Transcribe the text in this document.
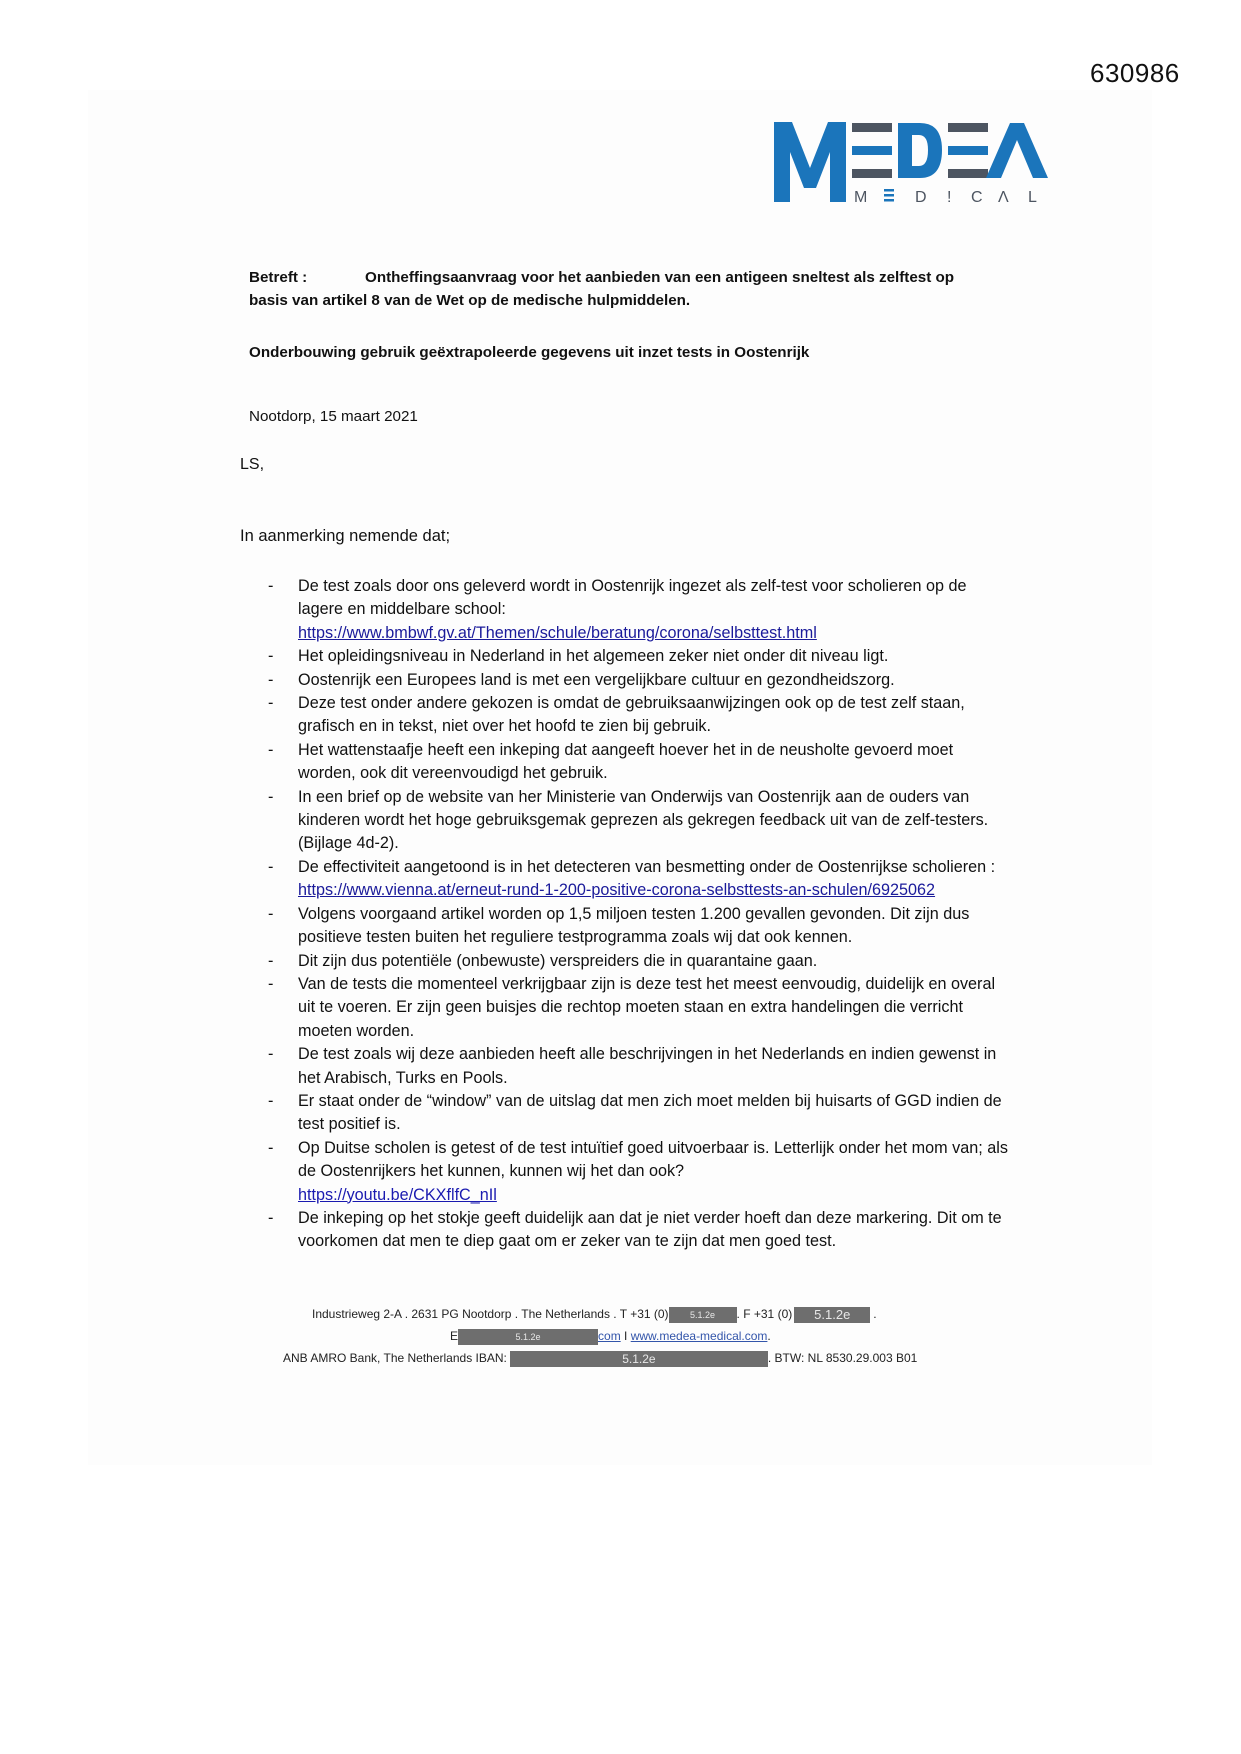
630986
M D ! C Λ L
Betreft :	Ontheffingsaanvraag voor het aanbieden van een antigeen sneltest als zelftest op
basis van artikel 8 van de Wet op de medische hulpmiddelen.
Onderbouwing gebruik geëxtrapoleerde gegevens uit inzet tests in Oostenrijk
Nootdorp, 15 maart 2021
LS,
In aanmerking nemende dat;
- De test zoals door ons geleverd wordt in Oostenrijk ingezet als zelf-test voor scholieren op de lagere en middelbare school:
https://www.bmbwf.gv.at/Themen/schule/beratung/corona/selbsttest.html
- Het opleidingsniveau in Nederland in het algemeen zeker niet onder dit niveau ligt.
- Oostenrijk een Europees land is met een vergelijkbare cultuur en gezondheidszorg.
- Deze test onder andere gekozen is omdat de gebruiksaanwijzingen ook op de test zelf staan, grafisch en in tekst, niet over het hoofd te zien bij gebruik.
- Het wattenstaafje heeft een inkeping dat aangeeft hoever het in de neusholte gevoerd moet worden, ook dit vereenvoudigd het gebruik.
- In een brief op de website van her Ministerie van Onderwijs van Oostenrijk aan de ouders van kinderen wordt het hoge gebruiksgemak geprezen als gekregen feedback uit van de zelf-testers. (Bijlage 4d-2).
- De effectiviteit aangetoond is in het detecteren van besmetting onder de Oostenrijkse scholieren : https://www.vienna.at/erneut-rund-1-200-positive-corona-selbsttests-an-schulen/6925062
- Volgens voorgaand artikel worden op 1,5 miljoen testen 1.200 gevallen gevonden. Dit zijn dus positieve testen buiten het reguliere testprogramma zoals wij dat ook kennen.
- Dit zijn dus potentiële (onbewuste) verspreiders die in quarantaine gaan.
- Van de tests die momenteel verkrijgbaar zijn is deze test het meest eenvoudig, duidelijk en overal uit te voeren. Er zijn geen buisjes die rechtop moeten staan en extra handelingen die verricht moeten worden.
- De test zoals wij deze aanbieden heeft alle beschrijvingen in het Nederlands en indien gewenst in het Arabisch, Turks en Pools.
- Er staat onder de “window” van de uitslag dat men zich moet melden bij huisarts of GGD indien de test positief is.
- Op Duitse scholen is getest of de test intuïtief goed uitvoerbaar is. Letterlijk onder het mom van; als de Oostenrijkers het kunnen, kunnen wij het dan ook?
https://youtu.be/CKXflfC_nIl
- De inkeping op het stokje geeft duidelijk aan dat je niet verder hoeft dan deze markering. Dit om te voorkomen dat men te diep gaat om er zeker van te zijn dat men goed test.
Industrieweg 2-A . 2631 PG Nootdorp . The Netherlands . T +31 (0) 5.1.2e . F +31 (0) 5.1.2e .
E	5.1.2e	com I www.medea-medical.com.
ANB AMRO Bank, The Netherlands IBAN:	5.1.2e	. BTW: NL 8530.29.003 B01
